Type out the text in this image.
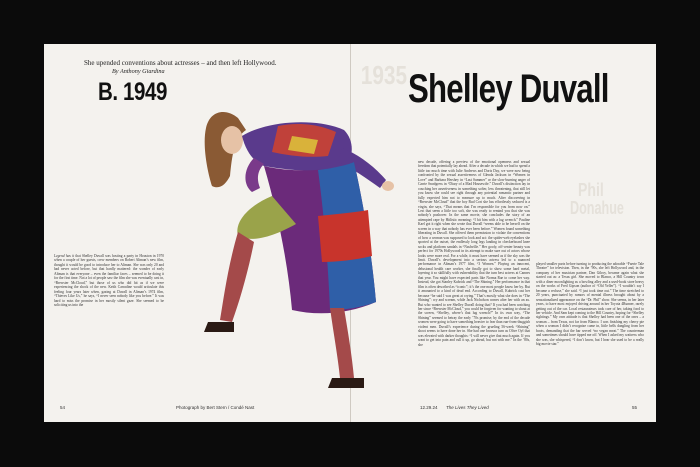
1935
Phil
Donahue
She upended conventions about actresses – and then left Hollywood.
By Anthony Giardina
B. 1949	Shelley Duvall
Legend has it that Shelley Duvall was hosting a party in Houston in 1970 when a couple of her guests, crew members on Robert Altman’s new film, thought it would be good to introduce her to Altman. She was only 20 and had never acted before, but that hardly mattered: the wonder of early Altman is that everyone – even the familiar faces – seemed to be doing it for the first time. Not a lot of people saw the film she was eventually cast in, “Brewster McCloud,” but those of us who did hit as if we were experiencing the shock of the new. Keith Carradine would articulate this feeling four years later when, gazing at Duvall in Altman’s 1974 film, “Thieves Like Us,” he says, “I never seen nobody like you before.” It was hard to miss the promise in her mostly silent gaze. She seemed to be soliciting us into the
new decade, offering a preview of the emotional openness and sexual freedom that potentially lay ahead. After a decade in which we had to spend a little too much time with Julie Andrews and Doris Day, we were now being confronted by the sexual assertiveness of Glenda Jackson in “Women in Love” and Barbara Hershey in “Last Summer” or the slow-burning anger of Carrie Snodgress in “Diary of a Mad Housewife.” Duvall’s distinction lay in couching her assertiveness in something softer, less threatening, that still let you know she could see right through any potential romantic partner and fully expected him not to measure up to much. After discovering in “Brewster McCloud” that the boy Bud Cort she has effortlessly seduced is a virgin, she says, “That means that I’m responsible for you from now on.” Lest that seem a little too soft, she was ready to remind you that she was nobody’s pushover. In the same movie, she concludes the story of an attempted rape by Hitlistic meaning: “I hit him with a lug wrench.” Pauline Kael got it right when she wrote that Duvall “seems able to be herself on the screen in a way that nobody has ever been before.” Women found something liberating in Duvall. She offered them permission to violate the conventions of how a woman was supposed to look and act: the spider-web eyelashes she sported at the outset, the endlessly long legs landing in checkerboard knee socks and platform sandals in “Nashville.” Her goofy, off-center beauty was perfect for 1970s Hollywood in its attempt to make sure out of actors whose looks were more real. For a while, it must have seemed as if the sky was the limit. Duvall’s development into a serious actress led to a nuanced performance in Altman’s 1977 film, “3 Women.” Playing an innocent, delusional health care worker, she finally got to show some hard metal, layering it so skillfully with vulnerability that the turn best actress at Cannes that year. You might have expected parts like Norma Rae to come her way. Instead, she got Stanley Kubrick and “The Shining.” Her performance in that film is often described as “iconic”; it’s the one most people know her by. But it amounted to a kind of dead end. According to Duvall, Kubrick cast her because “he said I was great at crying.” That’s mostly what she does in “The Shining”: cry and scream, while Jack Nicholson comes after her with an ax. But who wanted to see Shelley Duvall doing that? If you had been watching her since “Brewster McCloud,” you could be forgiven for wanting to shout at the screen, “Shelley, where’s that lug wrench?” In its own way, “The Shining” seemed to betray the early ’70s promise; by the end of the decade women were going to have something heavier to fear than run-from-thuggish violent men. Duvall’s experience during the grueling 56-week “Shining” shoot seems to have done her in. She had one bravura turn as Olive Oyl that was elevated with darker thoughts: “I will never give that much again. If you want to get into pain and cull it up, go ahead, but not with me.” In the ’80s, she
played smaller parts before turning to producing the adorable “Faerie Tale Theatre” for television. Then, in the ’90s, she left Hollywood and, in the company of her musician partner, Dan Gilroy, became again what she started out as: a Texas girl. She moved to Blanco, a Hill Country town with a diner moonlighting as a bowling alley and a used-book store heavy on the works of Fred Gipson (author of “Old Yeller”). “I wouldn’t say I became a recluse,” she said. “I just took time out.” The time stretched to 20 years, punctuated by rumors of mental illness brought about by a sensationalized appearance on the “Dr. Phil” show. She seems, in her later years, to have most enjoyed driving around in her Toyota 4Runner, rarely getting out of the car. Local restaurateurs took care of her, taking food to her vehicle. And Sam kept coming to the Hill Country, hoping for “Shelley sightings.” My own attitude is that Shelley had been one of the ones – a woman – from Texas, not far from Blanco. I was finishing my cherry pie when a woman I didn’t recognize came in, little bells dangling from her boots, demanding that the bar served “no vegan meat.” The counterman and sometimes should have tipped me off. When I asked my waitress who she was, she whispered, “I don’t know, but I hear she used to be a really big movie star.”
54	Photograph by Bert Stern / Condé Nast	12.29.24 The Lives They Lived	55
